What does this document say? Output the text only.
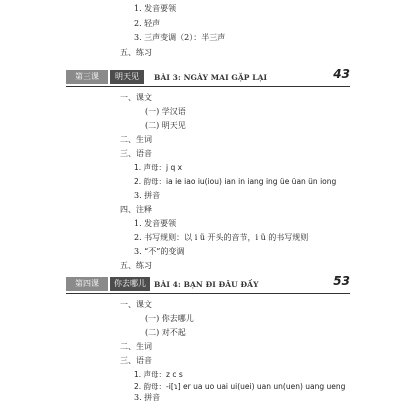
1. 发音要领
2. 轻声
3. 三声变调（2）：半三声
五、练习
第三课	明天见	BÀI 3: NGÀY MAI GẶP LẠI	43
一、课文
(一) 学汉语
(二) 明天见
二、生词
三、语音
1. 声母：j q x
2. 韵母：ia ie iao iu(iou) ian in iang ing üe üan ün iong
3. 拼音
四、注释
1. 发音要领
2. 书写规则：以 i ü 开头的音节，i ü 的书写规则
3. “不”的变调
五、练习
第四课	你去哪儿	BÀI 4: BẠN ĐI ĐÂU ĐẤY	53
一、课文
(一) 你去哪儿
(二) 对不起
二、生词
三、语音
1. 声母：z c s
2. 韵母：-i[ɿ] er ua uo uai ui(uei) uan un(uen) uang ueng
3. 拼音
